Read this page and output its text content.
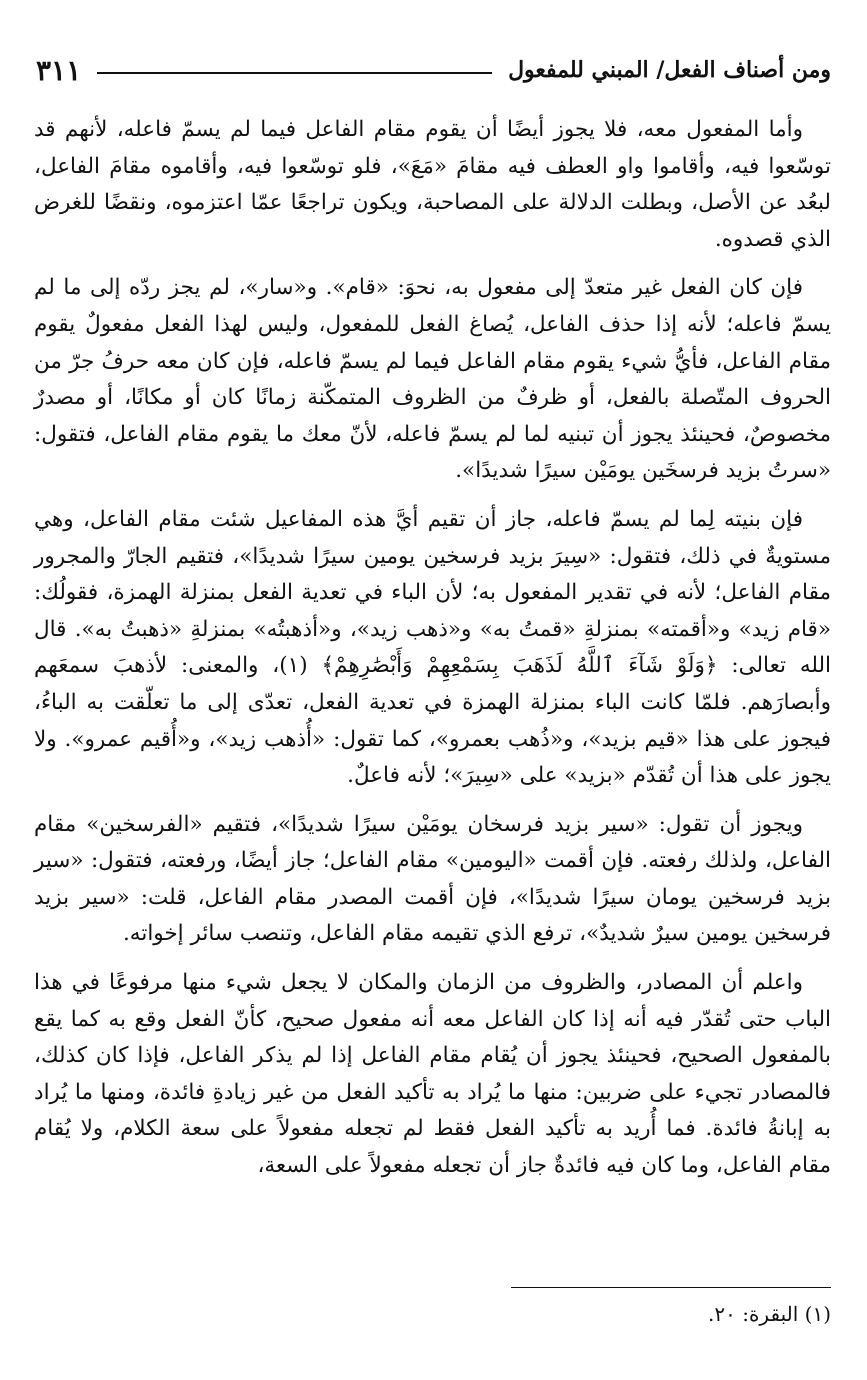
ومن أصناف الفعل/ المبني للمفعول
٣١١

وأما المفعول معه، فلا يجوز أيضًا أن يقوم مقام الفاعل فيما لم يسمّ فاعله، لأنهم قد توسّعوا فيه، وأقاموا واو العطف فيه مقامَ «مَعَ»، فلو توسّعوا فيه، وأقاموه مقامَ الفاعل، لبعُد عن الأصل، وبطلت الدلالة على المصاحبة، ويكون تراجعًا عمّا اعتزموه، ونقضًا للغرض الذي قصدوه.

فإن كان الفعل غير متعدّ إلى مفعول به، نحوَ: «قام». و«سار»، لم يجز ردّه إلى ما لم يسمّ فاعله؛ لأنه إذا حذف الفاعل، يُصاغ الفعل للمفعول، وليس لهذا الفعل مفعولٌ يقوم مقام الفاعل، فأيُّ شيء يقوم مقام الفاعل فيما لم يسمّ فاعله، فإن كان معه حرفُ جرّ من الحروف المتّصلة بالفعل، أو ظرفٌ من الظروف المتمكّنة زمانًا كان أو مكانًا، أو مصدرٌ مخصوصٌ، فحينئذ يجوز أن تبنيه لما لم يسمّ فاعله، لأنّ معك ما يقوم مقام الفاعل، فتقول: «سرتُ بزيد فرسخَين يومَيْن سيرًا شديدًا».

فإن بنيته لِما لم يسمّ فاعله، جاز أن تقيم أيَّ هذه المفاعيل شئت مقام الفاعل، وهي مستويةٌ في ذلك، فتقول: «سِيرَ بزيد فرسخين يومين سيرًا شديدًا»، فتقيم الجارّ والمجرور مقام الفاعل؛ لأنه في تقدير المفعول به؛ لأن الباء في تعدية الفعل بمنزلة الهمزة، فقولُك: «قام زيد» و«أقمته» بمنزلةِ «قمتُ به» و«ذهب زيد»، و«أذهبتُه» بمنزلةِ «ذهبتُ به». قال الله تعالى: ﴿وَلَوْ شَآءَ ٱللَّهُ لَذَهَبَ بِسَمْعِهِمْ وَأَبْصَٰرِهِمْ﴾ (١)، والمعنى: لأذهبَ سمعَهم وأبصارَهم. فلمّا كانت الباء بمنزلة الهمزة في تعدية الفعل، تعدّى إلى ما تعلّقت به الباءُ، فيجوز على هذا «قيم بزيد»، و«ذُهب بعمرو»، كما تقول: «أُذهب زيد»، و«أُقيم عمرو». ولا يجوز على هذا أن تُقدّم «بزيد» على «سِيرَ»؛ لأنه فاعلٌ.

ويجوز أن تقول: «سير بزيد فرسخان يومَيْن سيرًا شديدًا»، فتقيم «الفرسخين» مقام الفاعل، ولذلك رفعته. فإن أقمت «اليومين» مقام الفاعل؛ جاز أيضًا، ورفعته، فتقول: «سير بزيد فرسخين يومان سيرًا شديدًا»، فإن أقمت المصدر مقام الفاعل، قلت: «سير بزيد فرسخين يومين سيرٌ شديدٌ»، ترفع الذي تقيمه مقام الفاعل، وتنصب سائر إخواته.

واعلم أن المصادر، والظروف من الزمان والمكان لا يجعل شيء منها مرفوعًا في هذا الباب حتى تُقدّر فيه أنه إذا كان الفاعل معه أنه مفعول صحيح، كأنّ الفعل وقع به كما يقع بالمفعول الصحيح، فحينئذ يجوز أن يُقام مقام الفاعل إذا لم يذكر الفاعل، فإذا كان كذلك، فالمصادر تجيء على ضربين: منها ما يُراد به تأكيد الفعل من غير زيادةِ فائدة، ومنها ما يُراد به إبانةُ فائدة. فما أُريد به تأكيد الفعل فقط لم تجعله مفعولاً على سعة الكلام، ولا يُقام مقام الفاعل، وما كان فيه فائدةٌ جاز أن تجعله مفعولاً على السعة،

(١) البقرة: ٢٠.
